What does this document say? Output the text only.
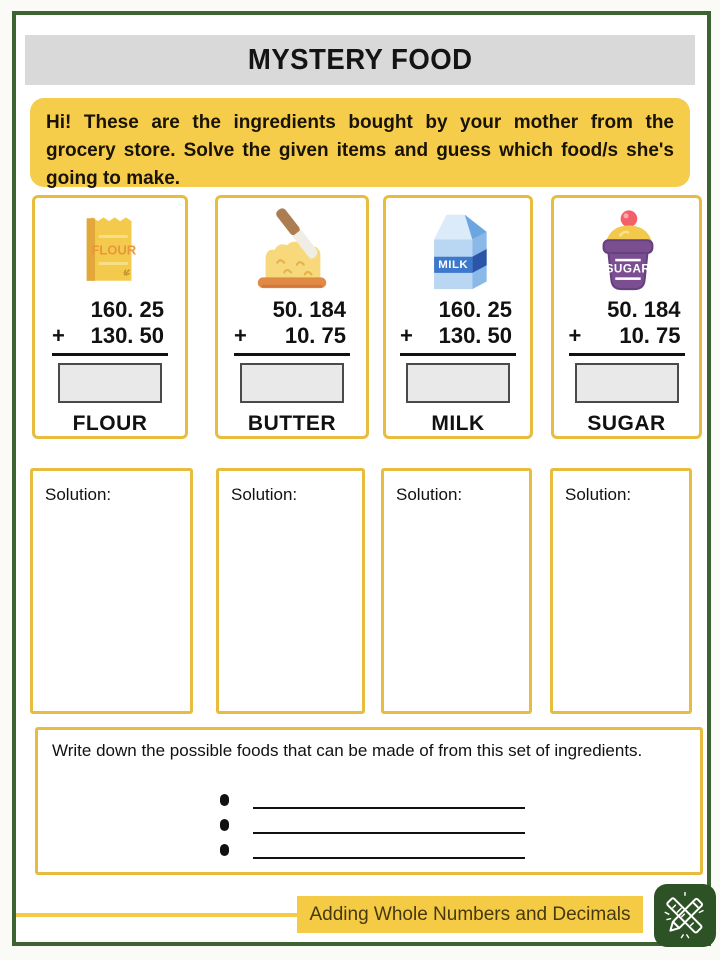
MYSTERY FOOD
Hi! These are the ingredients bought by your mother from the grocery store. Solve the given items and guess which food/s she's going to make.
FLOUR
160. 25
+ 130. 50
FLOUR
50. 184
+ 10. 75
BUTTER
MILK
160. 25
+ 130. 50
MILK
SUGAR
50. 184
+ 10. 75
SUGAR
Solution:	Solution:	Solution:	Solution:
Write down the possible foods that can be made of from this set of ingredients.
Adding Whole Numbers and Decimals
